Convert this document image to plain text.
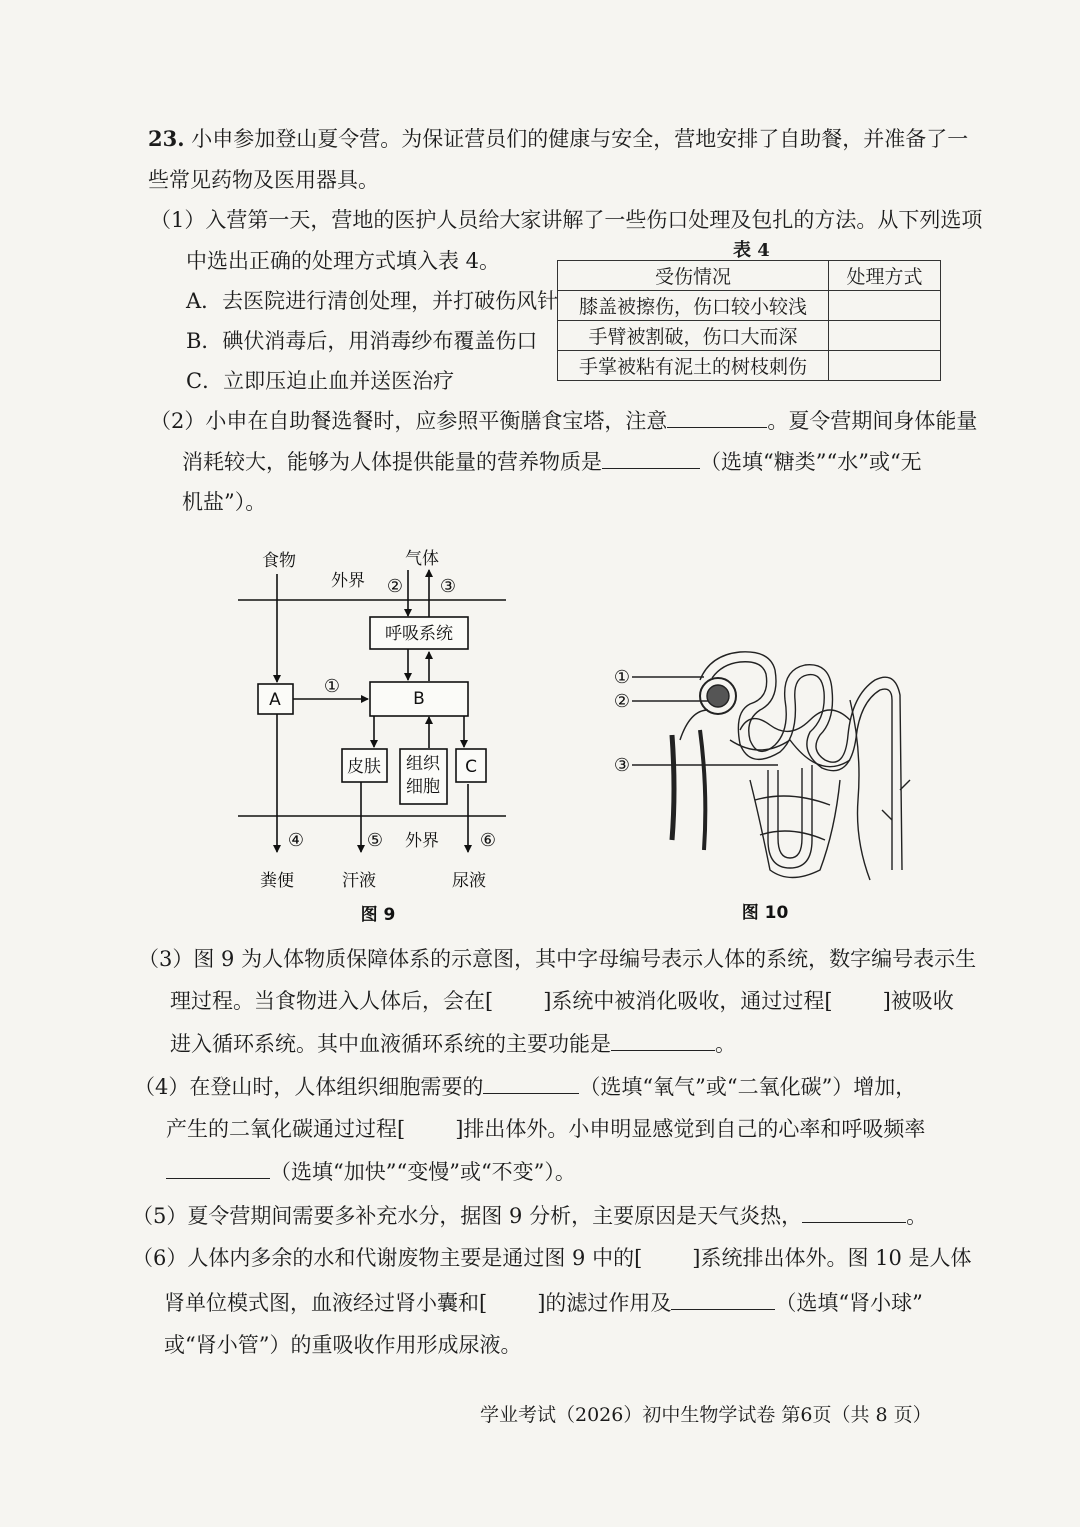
23. 小申参加登山夏令营。为保证营员们的健康与安全，营地安排了自助餐，并准备了一
些常见药物及医用器具。
（1）入营第一天，营地的医护人员给大家讲解了一些伤口处理及包扎的方法。从下列选项
中选出正确的处理方式填入表 4。
A．去医院进行清创处理，并打破伤风针
B．碘伏消毒后，用消毒纱布覆盖伤口
C．立即压迫止血并送医治疗
表 4
受伤情况	处理方式
膝盖被擦伤，伤口较小较浅	
手臂被割破，伤口大而深	
手掌被粘有泥土的树枝刺伤	
（2）小申在自助餐选餐时，应参照平衡膳食宝塔，注意	。夏令营期间身体能量
消耗较大，能够为人体提供能量的营养物质是	（选填“糖类”“水”或“无
机盐”）。
食物	气体
外界 ② ③
呼吸系统
A
①
B
皮肤 组织
细胞
C
④	⑤ 外界 ⑥
粪便	汗液	尿液
图 9
①
②
③
图 10
（3）图 9 为人体物质保障体系的示意图，其中字母编号表示人体的系统，数字编号表示生
理过程。当食物进入人体后，会在[ ]系统中被消化吸收，通过过程[ ]被吸收
进入循环系统。其中血液循环系统的主要功能是	。
（4）在登山时，人体组织细胞需要的	（选填“氧气”或“二氧化碳”）增加，
产生的二氧化碳通过过程[ ]排出体外。小申明显感觉到自己的心率和呼吸频率
（选填“加快”“变慢”或“不变”）。
（5）夏令营期间需要多补充水分，据图 9 分析，主要原因是天气炎热，	。
（6）人体内多余的水和代谢废物主要是通过图 9 中的[ ]系统排出体外。图 10 是人体
肾单位模式图，血液经过肾小囊和[ ]的滤过作用及	（选填“肾小球”
或“肾小管”）的重吸收作用形成尿液。
学业考试（2026）初中生物学试卷 第6页（共 8 页）
